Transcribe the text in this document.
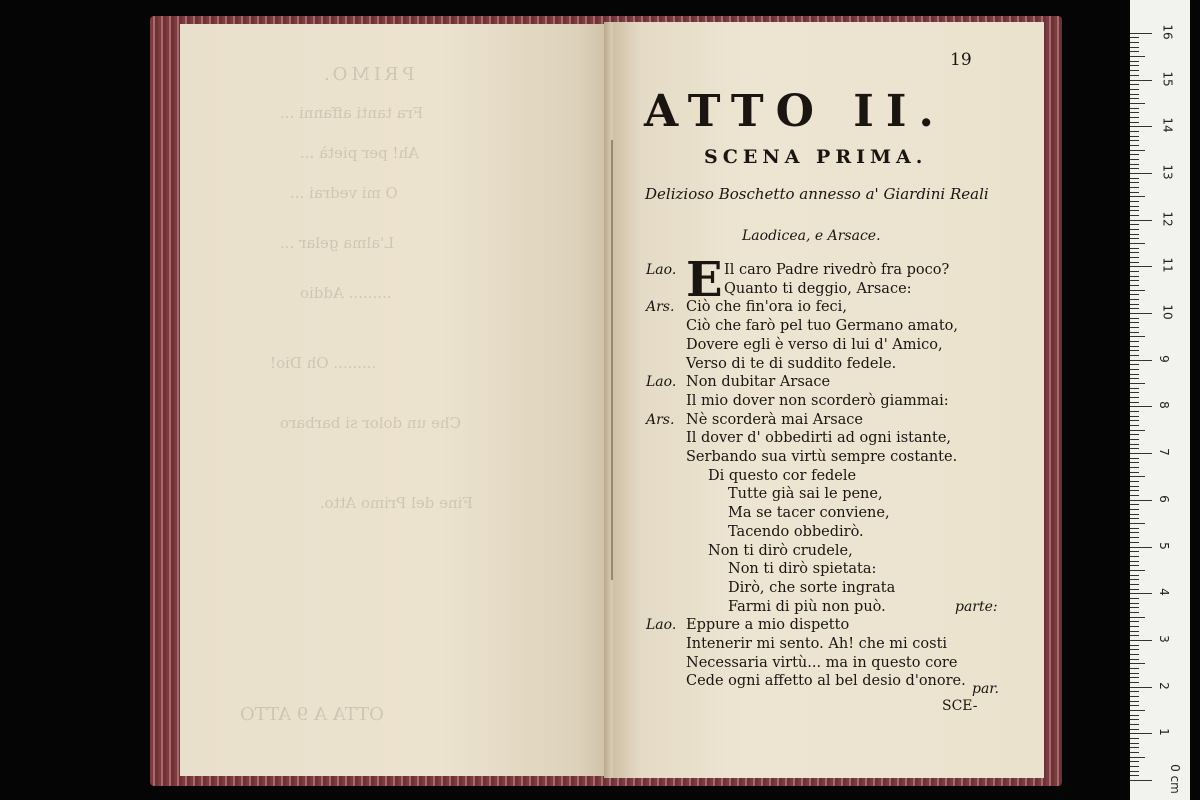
PRIMO.
Fra tanti affanni ...
Ah! per pietà ...
O mi vedrai ...
L'alma gelar ...
......... Addio
......... Oh Dio!
Che un dolor si barbaro
Fine del Primo Atto.
OTTA A 9 ATTO
19
ATTO II.
SCENA PRIMA.
Delizioso Boschetto annesso a' Giardini Reali
Laodicea, e Arsace.
E
Lao.	Il caro Padre rivedrò fra poco?
Quanto ti deggio, Arsace:
Ars. Ciò che fin'ora io feci,
Ciò che farò pel tuo Germano amato,
Dovere egli è verso di lui d' Amico,
Verso di te di suddito fedele.
Lao. Non dubitar Arsace
Il mio dover non scorderò giammai:
Ars. Nè scorderà mai Arsace
Il dover d' obbedirti ad ogni istante,
Serbando sua virtù sempre costante.
Di questo cor fedele
Tutte già sai le pene,
Ma se tacer conviene,
Tacendo obbedirò.
Non ti dirò crudele,
Non ti dirò spietata:
Dirò, che sorte ingrata
Farmi di più non può.
Lao. Eppure a mio dispetto
Intenerir mi sento. Ah! che mi costi
Necessaria virtù... ma in questo core
Cede ogni affetto al bel desio d'onore.
parte:
par.
SCE-
0 cm
1
2
3
4
5
6
7
8
9
10
11
12
13
14
15
16
